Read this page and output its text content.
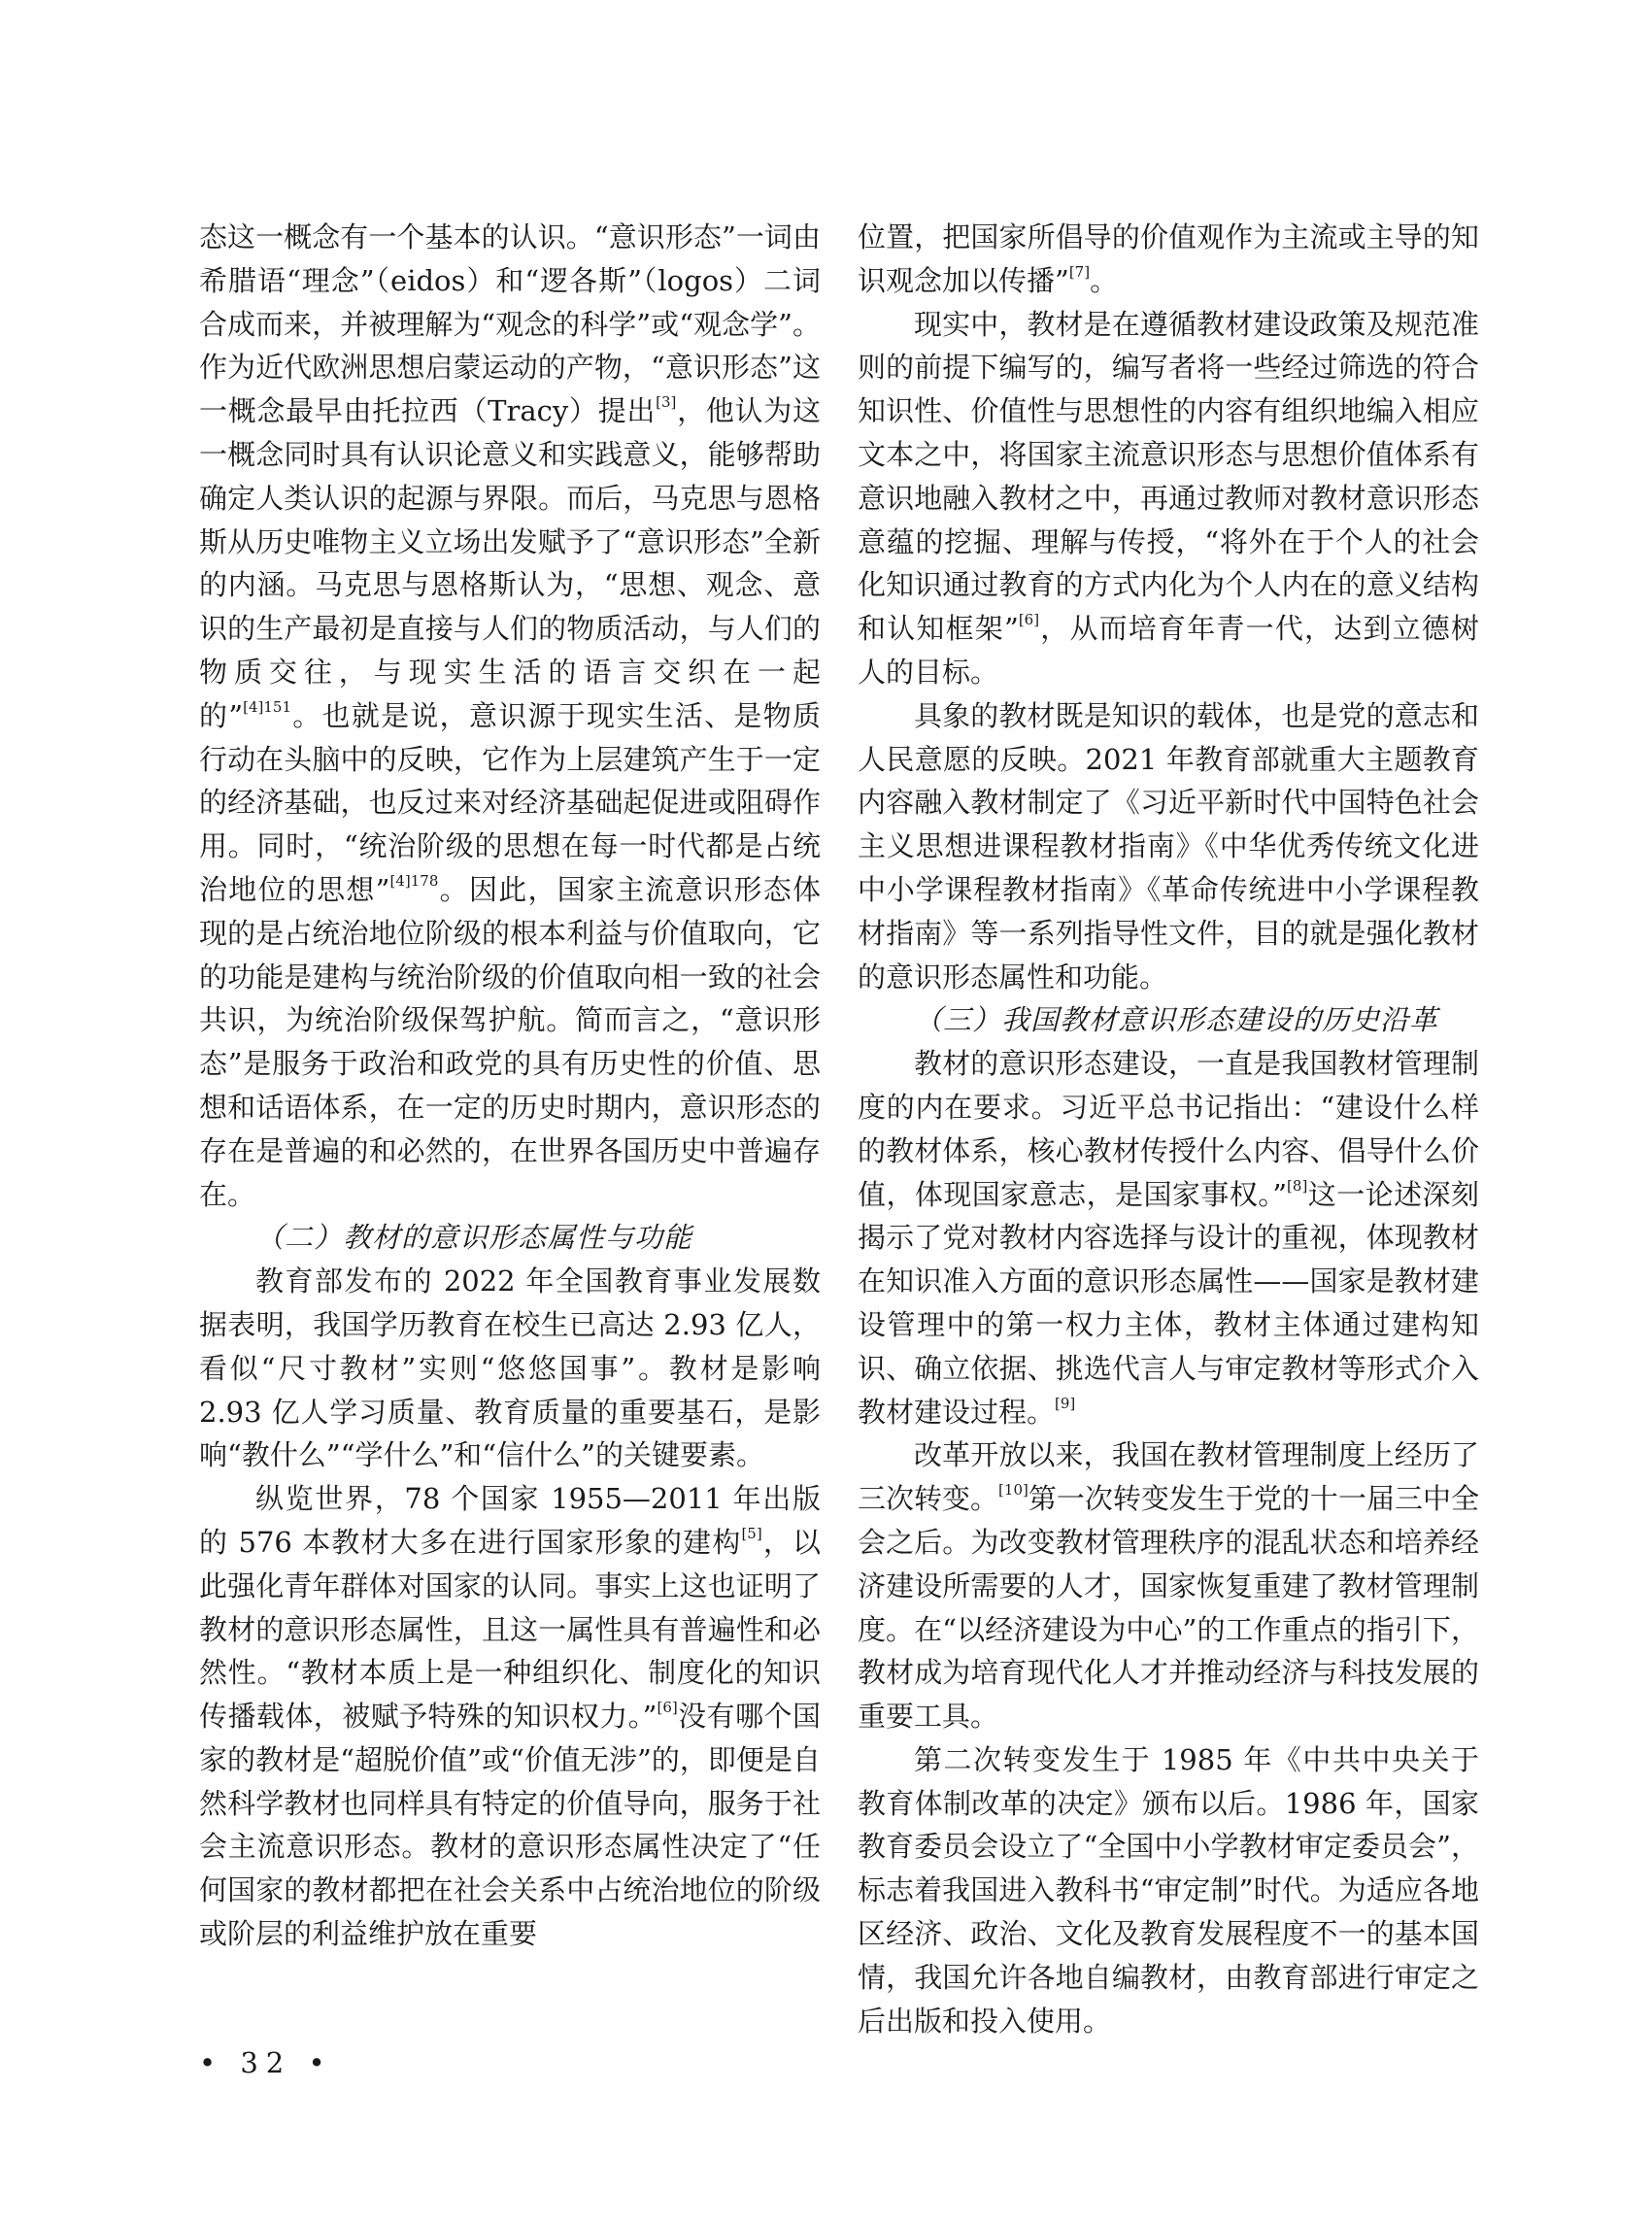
态这一概念有一个基本的认识。“意识形态”一词由希腊语“理念”（eidos）和“逻各斯”（logos）二词合成而来，并被理解为“观念的科学”或“观念学”。作为近代欧洲思想启蒙运动的产物，“意识形态”这一概念最早由托拉西（Tracy）提出[3]，他认为这一概念同时具有认识论意义和实践意义，能够帮助确定人类认识的起源与界限。而后，马克思与恩格斯从历史唯物主义立场出发赋予了“意识形态”全新的内涵。马克思与恩格斯认为，“思想、观念、意识的生产最初是直接与人们的物质活动，与人们的物质交往，与现实生活的语言交织在一起的”$^{[4]151}$。也就是说，意识源于现实生活、是物质行动在头脑中的反映，它作为上层建筑产生于一定的经济基础，也反过来对经济基础起促进或阻碍作用。同时，“统治阶级的思想在每一时代都是占统治地位的思想”$^{[4]178}$。因此，国家主流意识形态体现的是占统治地位阶级的根本利益与价值取向，它的功能是建构与统治阶级的价值取向相一致的社会共识，为统治阶级保驾护航。简而言之，“意识形态”是服务于政治和政党的具有历史性的价值、思想和话语体系，在一定的历史时期内，意识形态的存在是普遍的和必然的，在世界各国历史中普遍存在。

（二）教材的意识形态属性与功能

教育部发布的 2022 年全国教育事业发展数据表明，我国学历教育在校生已高达 2.93 亿人，看似“尺寸教材”实则“悠悠国事”。教材是影响 2.93 亿人学习质量、教育质量的重要基石，是影响“教什么”“学什么”和“信什么”的关键要素。

纵览世界，78 个国家 1955—2011 年出版的 576 本教材大多在进行国家形象的建构[5]，以此强化青年群体对国家的认同。事实上这也证明了教材的意识形态属性，且这一属性具有普遍性和必然性。“教材本质上是一种组织化、制度化的知识传播载体，被赋予特殊的知识权力。”[6]没有哪个国家的教材是“超脱价值”或“价值无涉”的，即便是自然科学教材也同样具有特定的价值导向，服务于社会主流意识形态。教材的意识形态属性决定了“任何国家的教材都把在社会关系中占统治地位的阶级或阶层的利益维护放在重要

位置，把国家所倡导的价值观作为主流或主导的知识观念加以传播”[7]。

现实中，教材是在遵循教材建设政策及规范准则的前提下编写的，编写者将一些经过筛选的符合知识性、价值性与思想性的内容有组织地编入相应文本之中，将国家主流意识形态与思想价值体系有意识地融入教材之中，再通过教师对教材意识形态意蕴的挖掘、理解与传授，“将外在于个人的社会化知识通过教育的方式内化为个人内在的意义结构和认知框架”[6]，从而培育年青一代，达到立德树人的目标。

具象的教材既是知识的载体，也是党的意志和人民意愿的反映。2021 年教育部就重大主题教育内容融入教材制定了《习近平新时代中国特色社会主义思想进课程教材指南》《中华优秀传统文化进中小学课程教材指南》《革命传统进中小学课程教材指南》等一系列指导性文件，目的就是强化教材的意识形态属性和功能。

（三）我国教材意识形态建设的历史沿革

教材的意识形态建设，一直是我国教材管理制度的内在要求。习近平总书记指出：“建设什么样的教材体系，核心教材传授什么内容、倡导什么价值，体现国家意志，是国家事权。”[8]这一论述深刻揭示了党对教材内容选择与设计的重视，体现教材在知识准入方面的意识形态属性——国家是教材建设管理中的第一权力主体，教材主体通过建构知识、确立依据、挑选代言人与审定教材等形式介入教材建设过程。[9]

改革开放以来，我国在教材管理制度上经历了三次转变。[10]第一次转变发生于党的十一届三中全会之后。为改变教材管理秩序的混乱状态和培养经济建设所需要的人才，国家恢复重建了教材管理制度。在“以经济建设为中心”的工作重点的指引下，教材成为培育现代化人才并推动经济与科技发展的重要工具。

第二次转变发生于 1985 年《中共中央关于教育体制改革的决定》颁布以后。1986 年，国家教育委员会设立了“全国中小学教材审定委员会”，标志着我国进入教科书“审定制”时代。为适应各地区经济、政治、文化及教育发展程度不一的基本国情，我国允许各地自编教材，由教育部进行审定之后出版和投入使用。

• 32 •
